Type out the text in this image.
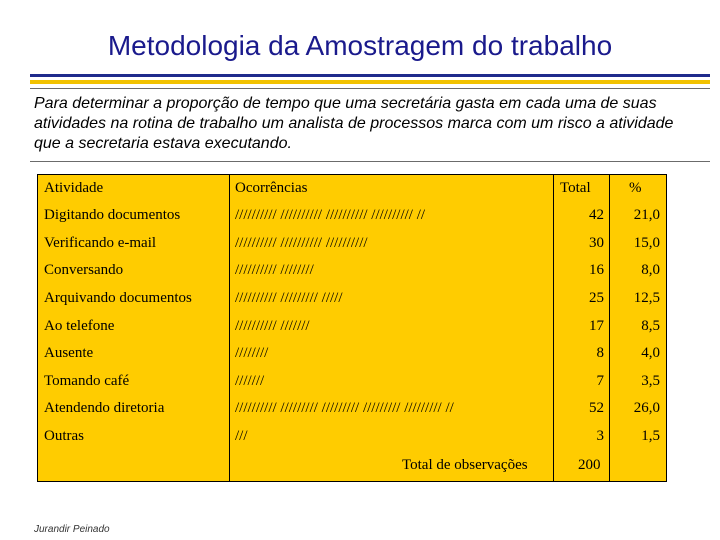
Metodologia da Amostragem do trabalho
Para determinar a proporção de tempo que uma secretária gasta em cada uma de suas atividades na rotina de trabalho um analista de processos marca com um risco a atividade que a secretaria estava executando.
Atividade	Ocorrências	Total	%
Digitando documentos	////////// ////////// ////////// ////////// //	42 21,0
Verificando e-mail	////////// ////////// //////////	30 15,0
Conversando	////////// ////////	16 8,0
Arquivando documentos	////////// ///////// /////	25 12,5
Ao telefone	////////// ///////	17 8,5
Ausente	////////	8 4,0
Tomando café	///////	7 3,5
Atendendo diretoria	////////// ///////// ///////// ///////// ///////// //	52 26,0
Outras	///	3 1,5
Total de observações	200
Jurandir Peinado
